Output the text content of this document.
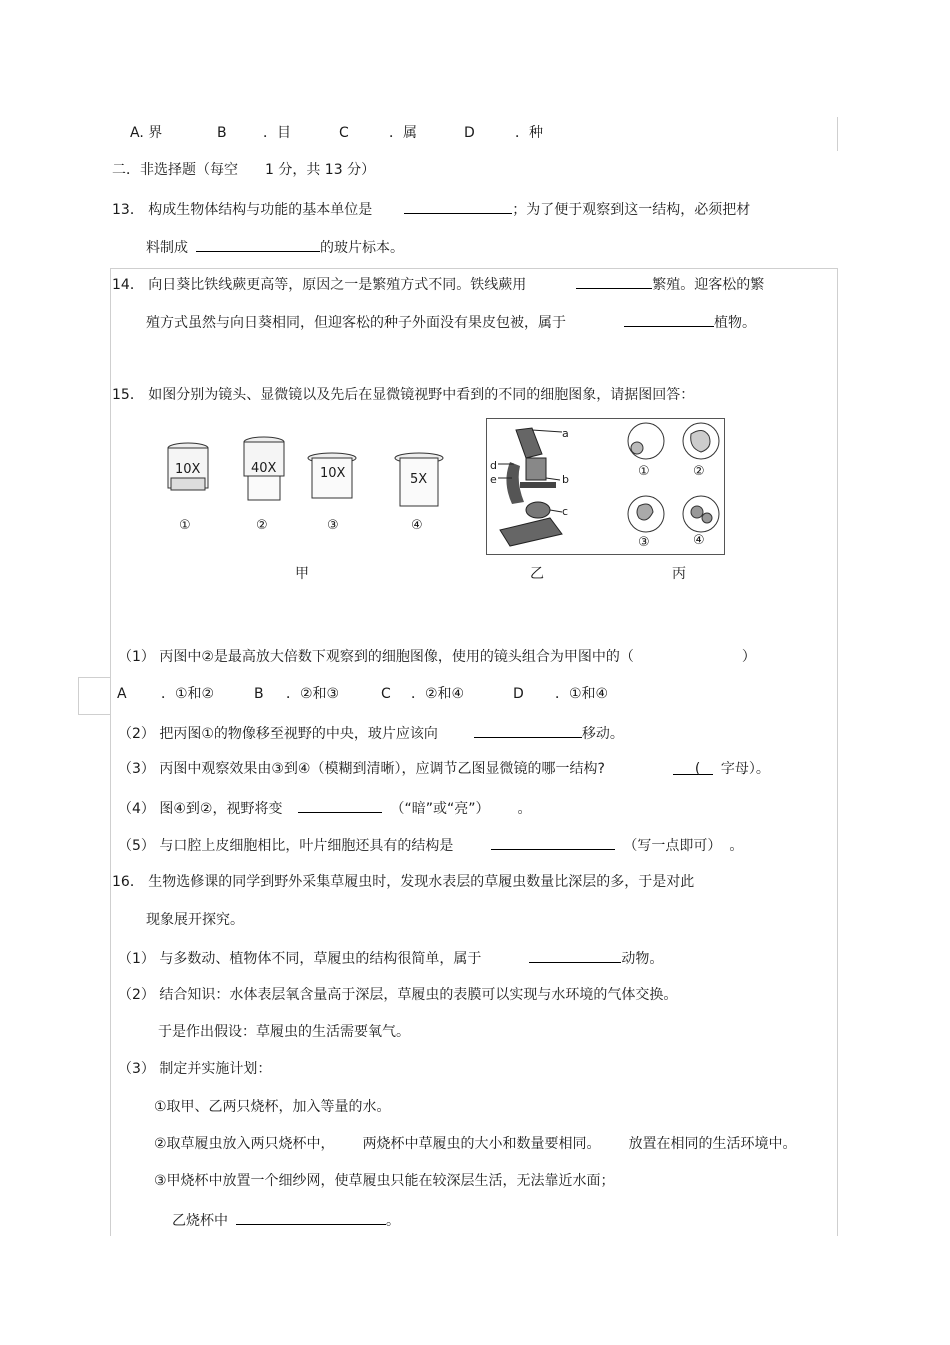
A. 界	B	．目	C	．属	D	．种
二．非选择题（每空 1 分，共 13 分）
13． 构成生物体结构与功能的基本单位是	；为了便于观察到这一结构，必须把材
料制成	的玻片标本。
14． 向日葵比铁线蕨更高等，原因之一是繁殖方式不同。铁线蕨用	繁殖。迎客松的繁
殖方式虽然与向日葵相同，但迎客松的种子外面没有果皮包被，属于	植物。
15． 如图分别为镜头、显微镜以及先后在显微镜视野中看到的不同的细胞图象，请据图回答：
10X	40X	10X	5X
①	②	③	④
a
b
c
d
e
①	②
③	④
甲	乙	丙
（1） 丙图中②是最高放大倍数下观察到的细胞图像，使用的镜头组合为甲图中的（	）
A ．①和②	B ．②和③	C ．②和④	D ．①和④
（2） 把丙图①的物像移至视野的中央，玻片应该向	移动。
（3） 丙图中观察效果由③到④（模糊到清晰），应调节乙图显微镜的哪一结构?	( 字母）。
（4） 图④到②，视野将变	（“暗”或“亮”） 。
（5） 与口腔上皮细胞相比，叶片细胞还具有的结构是	（写一点即可） 。
16． 生物选修课的同学到野外采集草履虫时，发现水表层的草履虫数量比深层的多，于是对此
现象展开探究。
（1） 与多数动、植物体不同，草履虫的结构很简单，属于	动物。
（2） 结合知识：水体表层氧含量高于深层，草履虫的表膜可以实现与水环境的气体交换。
于是作出假设：草履虫的生活需要氧气。
（3） 制定并实施计划：
①取甲、乙两只烧杯，加入等量的水。
②取草履虫放入两只烧杯中， 两烧杯中草履虫的大小和数量要相同。 放置在相同的生活环境中。
③甲烧杯中放置一个细纱网，使草履虫只能在较深层生活，无法靠近水面；
乙烧杯中	。
